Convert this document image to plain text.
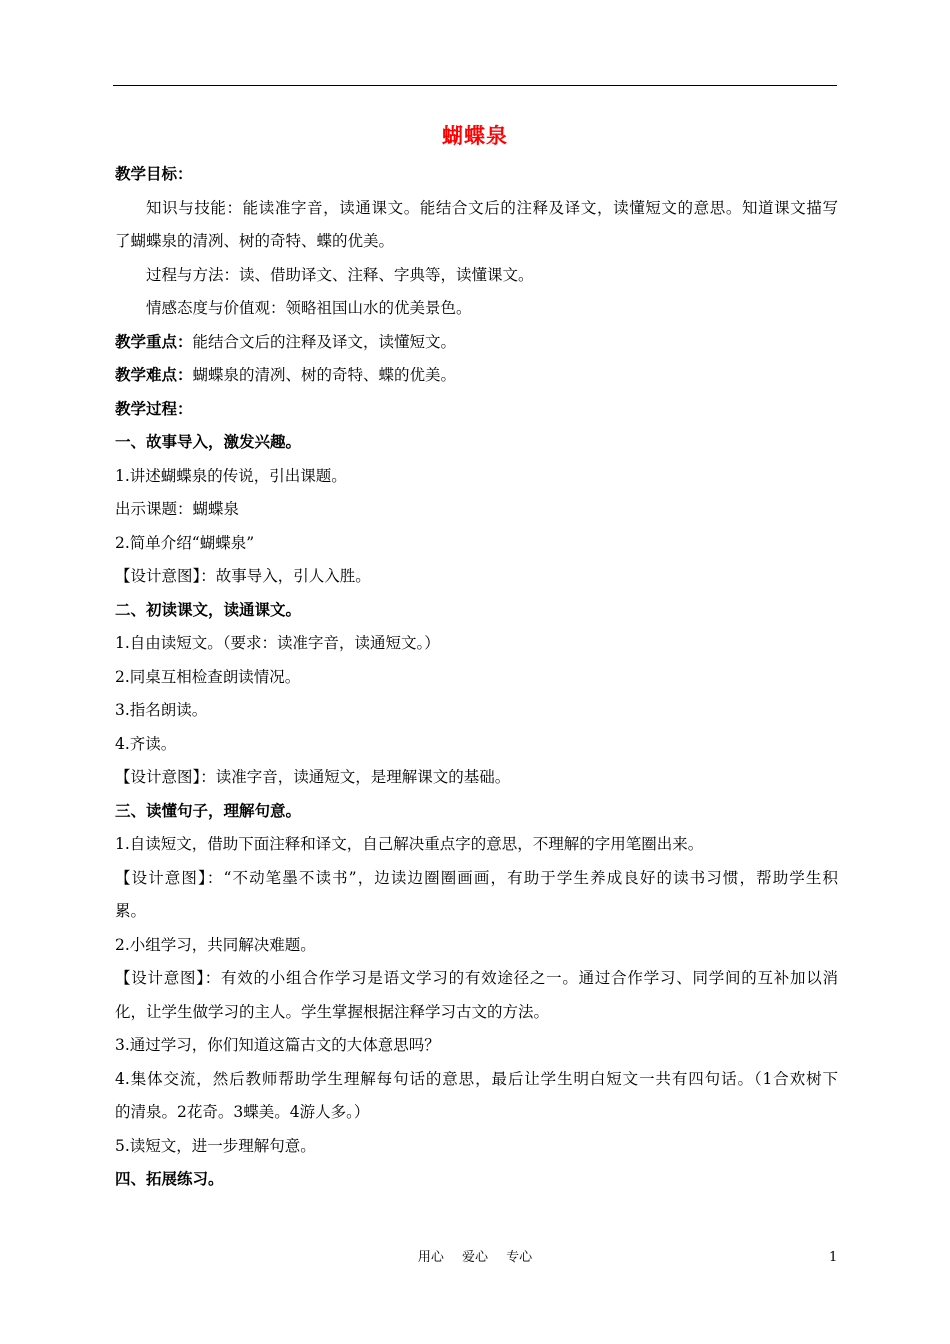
蝴蝶泉
教学目标：
知识与技能：能读准字音，读通课文。能结合文后的注释及译文，读懂短文的意思。知道课文描写
了蝴蝶泉的清冽、树的奇特、蝶的优美。
过程与方法：读、借助译文、注释、字典等，读懂课文。
情感态度与价值观：领略祖国山水的优美景色。
教学重点：能结合文后的注释及译文，读懂短文。
教学难点：蝴蝶泉的清冽、树的奇特、蝶的优美。
教学过程：
一、故事导入，激发兴趣。
1.讲述蝴蝶泉的传说，引出课题。
出示课题：蝴蝶泉
2.简单介绍“蝴蝶泉”
【设计意图】：故事导入，引人入胜。
二、初读课文，读通课文。
1.自由读短文。（要求：读准字音，读通短文。）
2.同桌互相检查朗读情况。
3.指名朗读。
4.齐读。
【设计意图】：读准字音，读通短文，是理解课文的基础。
三、读懂句子，理解句意。
1.自读短文，借助下面注释和译文，自己解决重点字的意思，不理解的字用笔圈出来。
【设计意图】：“不动笔墨不读书”，边读边圈圈画画，有助于学生养成良好的读书习惯，帮助学生积
累。
2.小组学习，共同解决难题。
【设计意图】：有效的小组合作学习是语文学习的有效途径之一。通过合作学习、同学间的互补加以消
化，让学生做学习的主人。学生掌握根据注释学习古文的方法。
3.通过学习，你们知道这篇古文的大体意思吗？
4.集体交流，然后教师帮助学生理解每句话的意思，最后让学生明白短文一共有四句话。（1合欢树下
的清泉。2花奇。3蝶美。4游人多。）
5.读短文，进一步理解句意。
四、拓展练习。
用心 爱心 专心	1
